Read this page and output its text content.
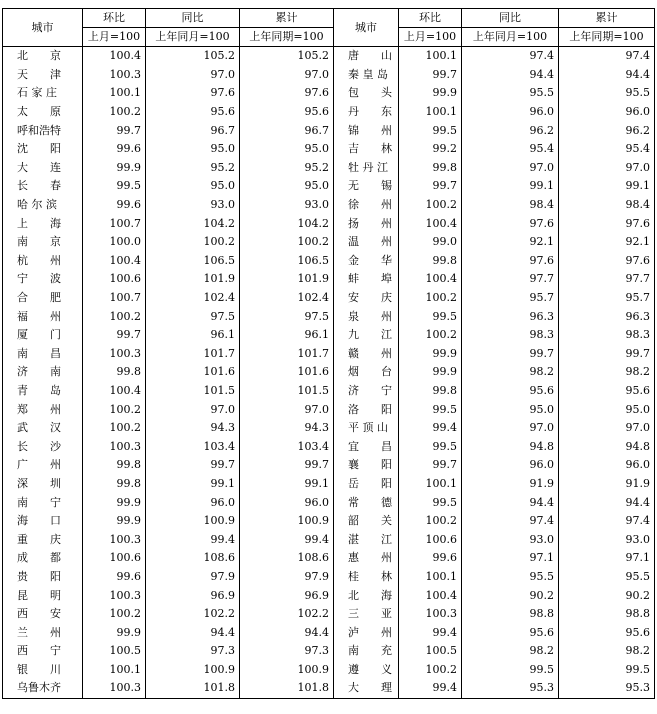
城市	环比	同比	累计	城市	环比	同比	累计
	上月=100	上年同月=100	上年同期=100		上月=100	上年同月=100	上年同期=100
北　　京	100.4	105.2	105.2	唐　　山	100.1	97.4	97.4
天　　津	100.3	97.0	97.0	秦 皇 岛	99.7	94.4	94.4
石 家 庄	100.1	97.6	97.6	包　　头	99.9	95.5	95.5
太　　原	100.2	95.6	95.6	丹　　东	100.1	96.0	96.0
呼和浩特	99.7	96.7	96.7	锦　　州	99.5	96.2	96.2
沈　　阳	99.6	95.0	95.0	吉　　林	99.2	95.4	95.4
大　　连	99.9	95.2	95.2	牡 丹 江	99.8	97.0	97.0
长　　春	99.5	95.0	95.0	无　　锡	99.7	99.1	99.1
哈 尔 滨	99.6	93.0	93.0	徐　　州	100.2	98.4	98.4
上　　海	100.7	104.2	104.2	扬　　州	100.4	97.6	97.6
南　　京	100.0	100.2	100.2	温　　州	99.0	92.1	92.1
杭　　州	100.4	106.5	106.5	金　　华	99.8	97.6	97.6
宁　　波	100.6	101.9	101.9	蚌　　埠	100.4	97.7	97.7
合　　肥	100.7	102.4	102.4	安　　庆	100.2	95.7	95.7
福　　州	100.2	97.5	97.5	泉　　州	99.5	96.3	96.3
厦　　门	99.7	96.1	96.1	九　　江	100.2	98.3	98.3
南　　昌	100.3	101.7	101.7	赣　　州	99.9	99.7	99.7
济　　南	99.8	101.6	101.6	烟　　台	99.9	98.2	98.2
青　　岛	100.4	101.5	101.5	济　　宁	99.8	95.6	95.6
郑　　州	100.2	97.0	97.0	洛　　阳	99.5	95.0	95.0
武　　汉	100.2	94.3	94.3	平 顶 山	99.4	97.0	97.0
长　　沙	100.3	103.4	103.4	宜　　昌	99.5	94.8	94.8
广　　州	99.8	99.7	99.7	襄　　阳	99.7	96.0	96.0
深　　圳	99.8	99.1	99.1	岳　　阳	100.1	91.9	91.9
南　　宁	99.9	96.0	96.0	常　　德	99.5	94.4	94.4
海　　口	99.9	100.9	100.9	韶　　关	100.2	97.4	97.4
重　　庆	100.3	99.4	99.4	湛　　江	100.6	93.0	93.0
成　　都	100.6	108.6	108.6	惠　　州	99.6	97.1	97.1
贵　　阳	99.6	97.9	97.9	桂　　林	100.1	95.5	95.5
昆　　明	100.3	96.9	96.9	北　　海	100.4	90.2	90.2
西　　安	100.2	102.2	102.2	三　　亚	100.3	98.8	98.8
兰　　州	99.9	94.4	94.4	泸　　州	99.4	95.6	95.6
西　　宁	100.5	97.3	97.3	南　　充	100.5	98.2	98.2
银　　川	100.1	100.9	100.9	遵　　义	100.2	99.5	99.5
乌鲁木齐	100.3	101.8	101.8	大　　理	99.4	95.3	95.3
